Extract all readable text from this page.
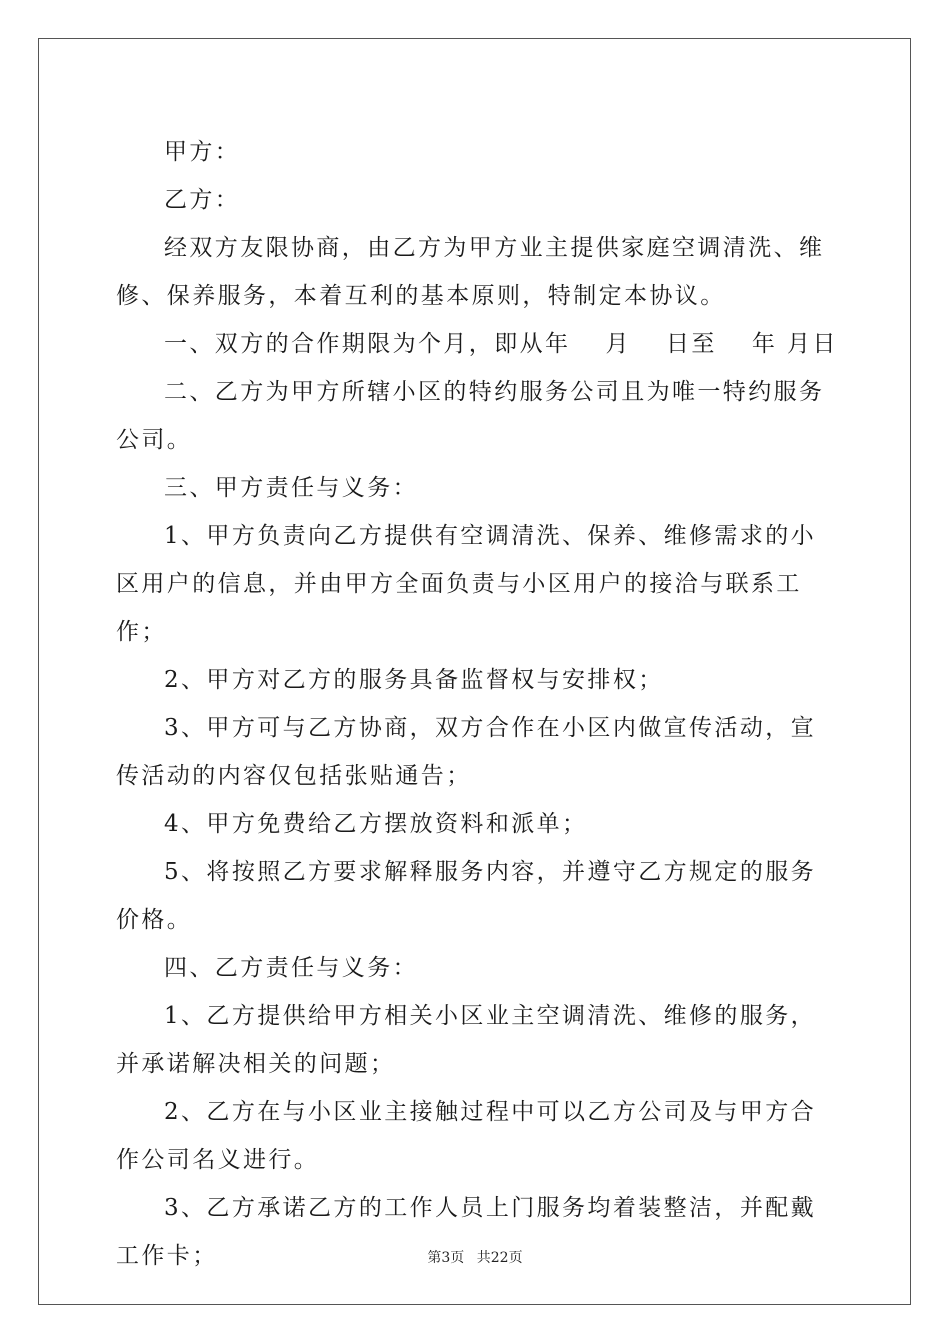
甲方：

乙方：

经双方友限协商，由乙方为甲方业主提供家庭空调清洗、维修、保养服务，本着互利的基本原则，特制定本协议。

一、双方的合作期限为个月，即从年　 月　 日至　 年 月日

二、乙方为甲方所辖小区的特约服务公司且为唯一特约服务公司。

三、甲方责任与义务：

1、甲方负责向乙方提供有空调清洗、保养、维修需求的小区用户的信息，并由甲方全面负责与小区用户的接洽与联系工作；

2、甲方对乙方的服务具备监督权与安排权；

3、甲方可与乙方协商，双方合作在小区内做宣传活动，宣传活动的内容仅包括张贴通告；

4、甲方免费给乙方摆放资料和派单；

5、将按照乙方要求解释服务内容，并遵守乙方规定的服务价格。

四、乙方责任与义务：

1、乙方提供给甲方相关小区业主空调清洗、维修的服务，并承诺解决相关的问题；

2、乙方在与小区业主接触过程中可以乙方公司及与甲方合作公司名义进行。

3、乙方承诺乙方的工作人员上门服务均着装整洁，并配戴工作卡；	第3页 共22页
